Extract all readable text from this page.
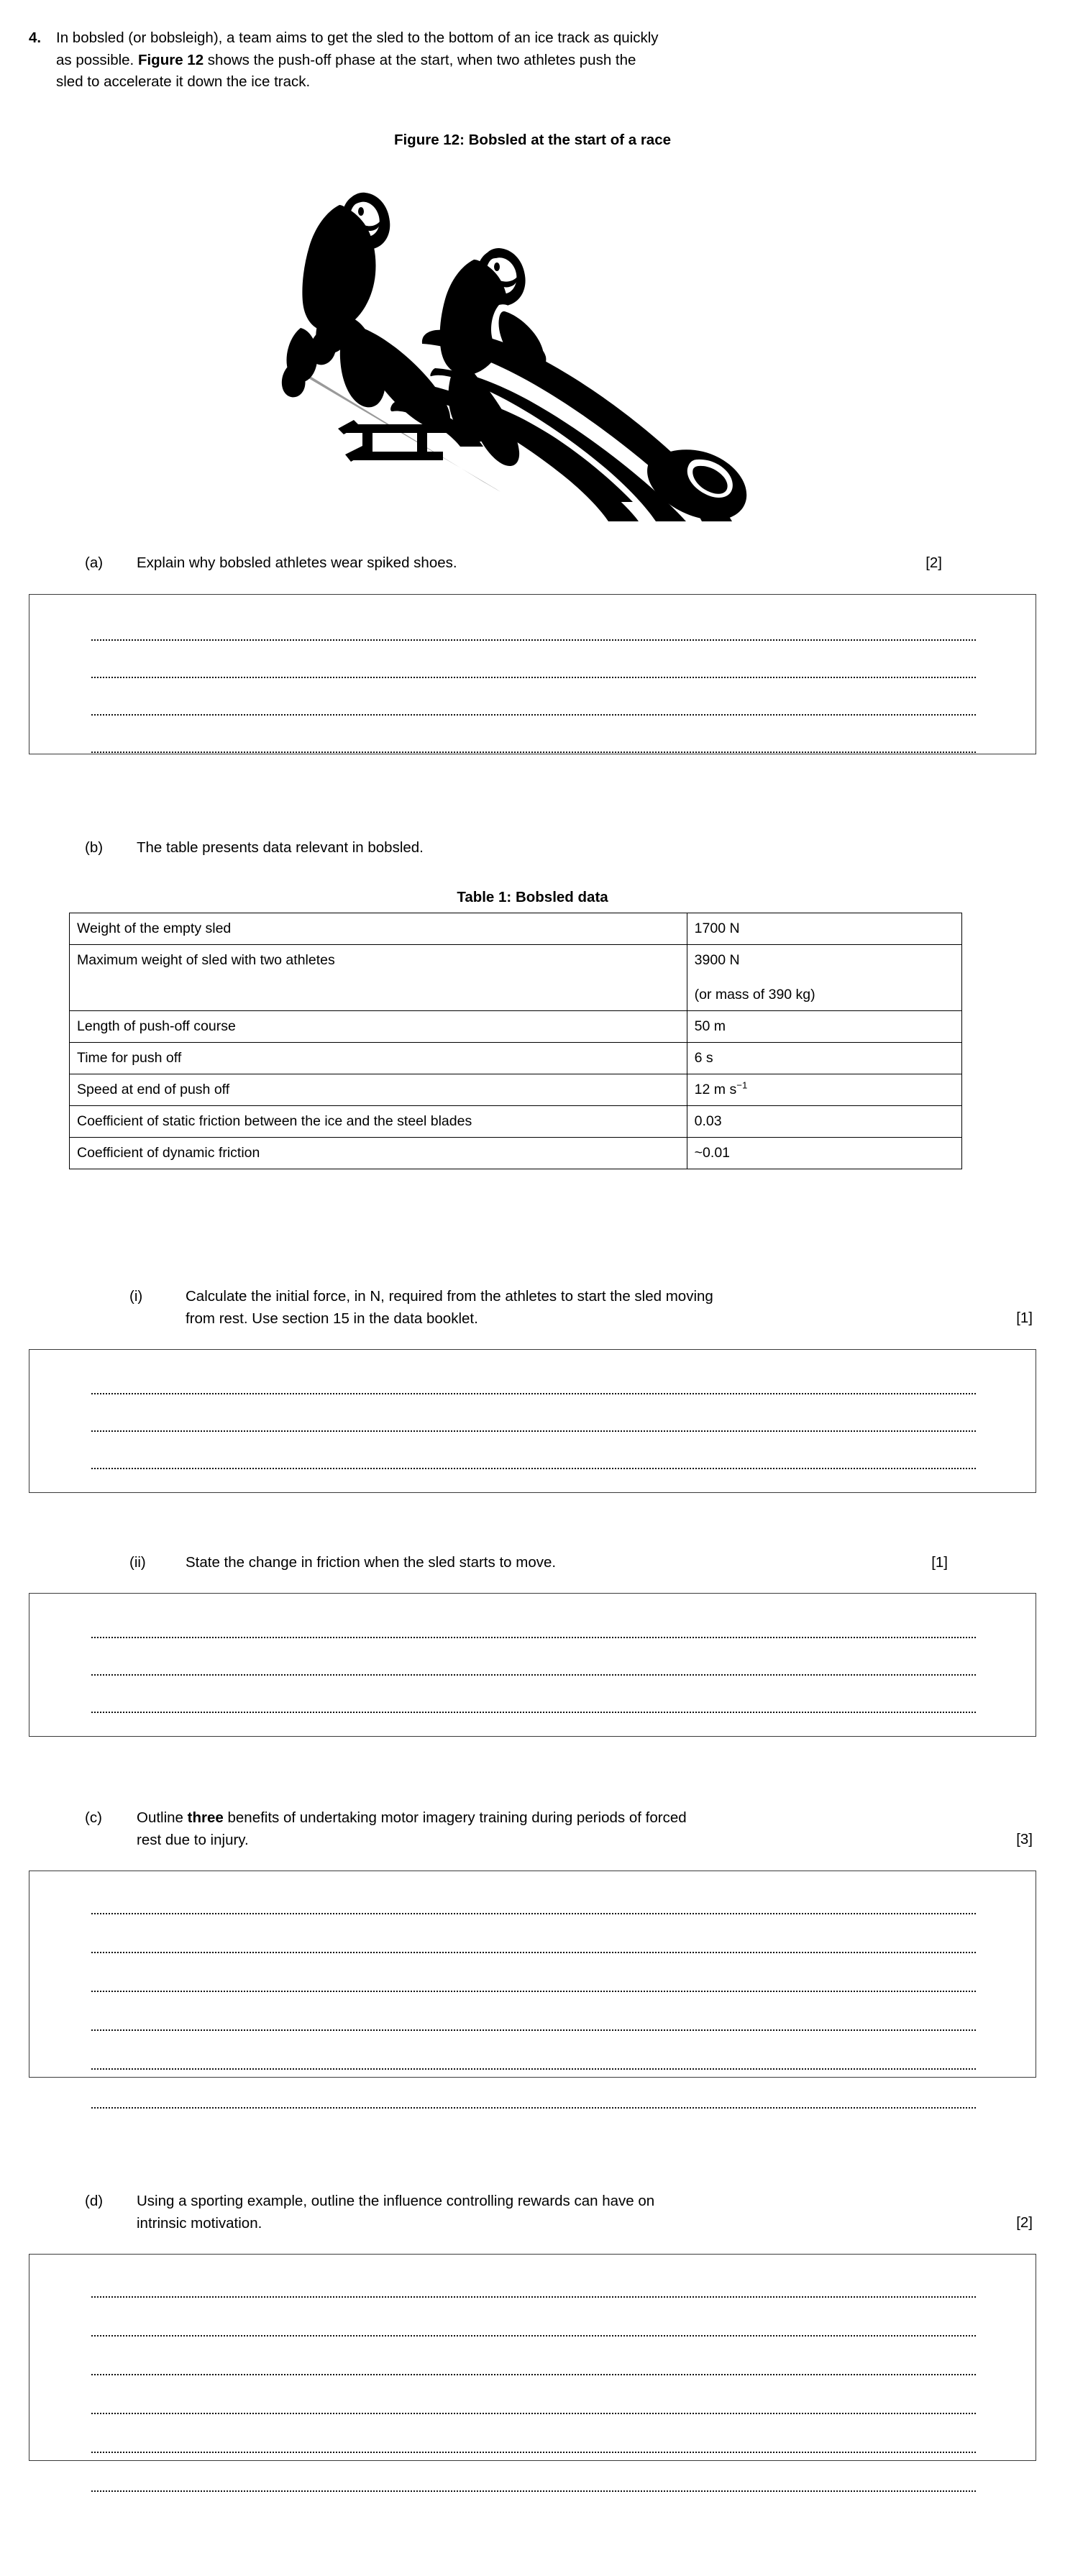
4.	In bobsled (or bobsleigh), a team aims to get the sled to the bottom of an ice track as quickly
as possible. Figure 12 shows the push-off phase at the start, when two athletes push the
sled to accelerate it down the ice track.
Figure 12: Bobsled at the start of a race
(a)	Explain why bobsled athletes wear spiked shoes.	[2]
(b)	The table presents data relevant in bobsled.
Table 1: Bobsled data
Weight of the empty sled	1700 N
Maximum weight of sled with two athletes	3900 N
(or mass of 390 kg)

Length of push-off course	50 m
Time for push off	6 s
Speed at end of push off	12 m $s^{-1}$
Coefficient of static friction between the ice and the steel blades	0.03
Coefficient of dynamic friction	~0.01
(i)	Calculate the initial force, in N, required from the athletes to start the sled moving
from rest. Use section 15 in the data booklet.	[1]
(ii)	State the change in friction when the sled starts to move.	[1]
(c)	Outline three benefits of undertaking motor imagery training during periods of forced
rest due to injury.	[3]
(d)	Using a sporting example, outline the influence controlling rewards can have on
intrinsic motivation.	[2]
